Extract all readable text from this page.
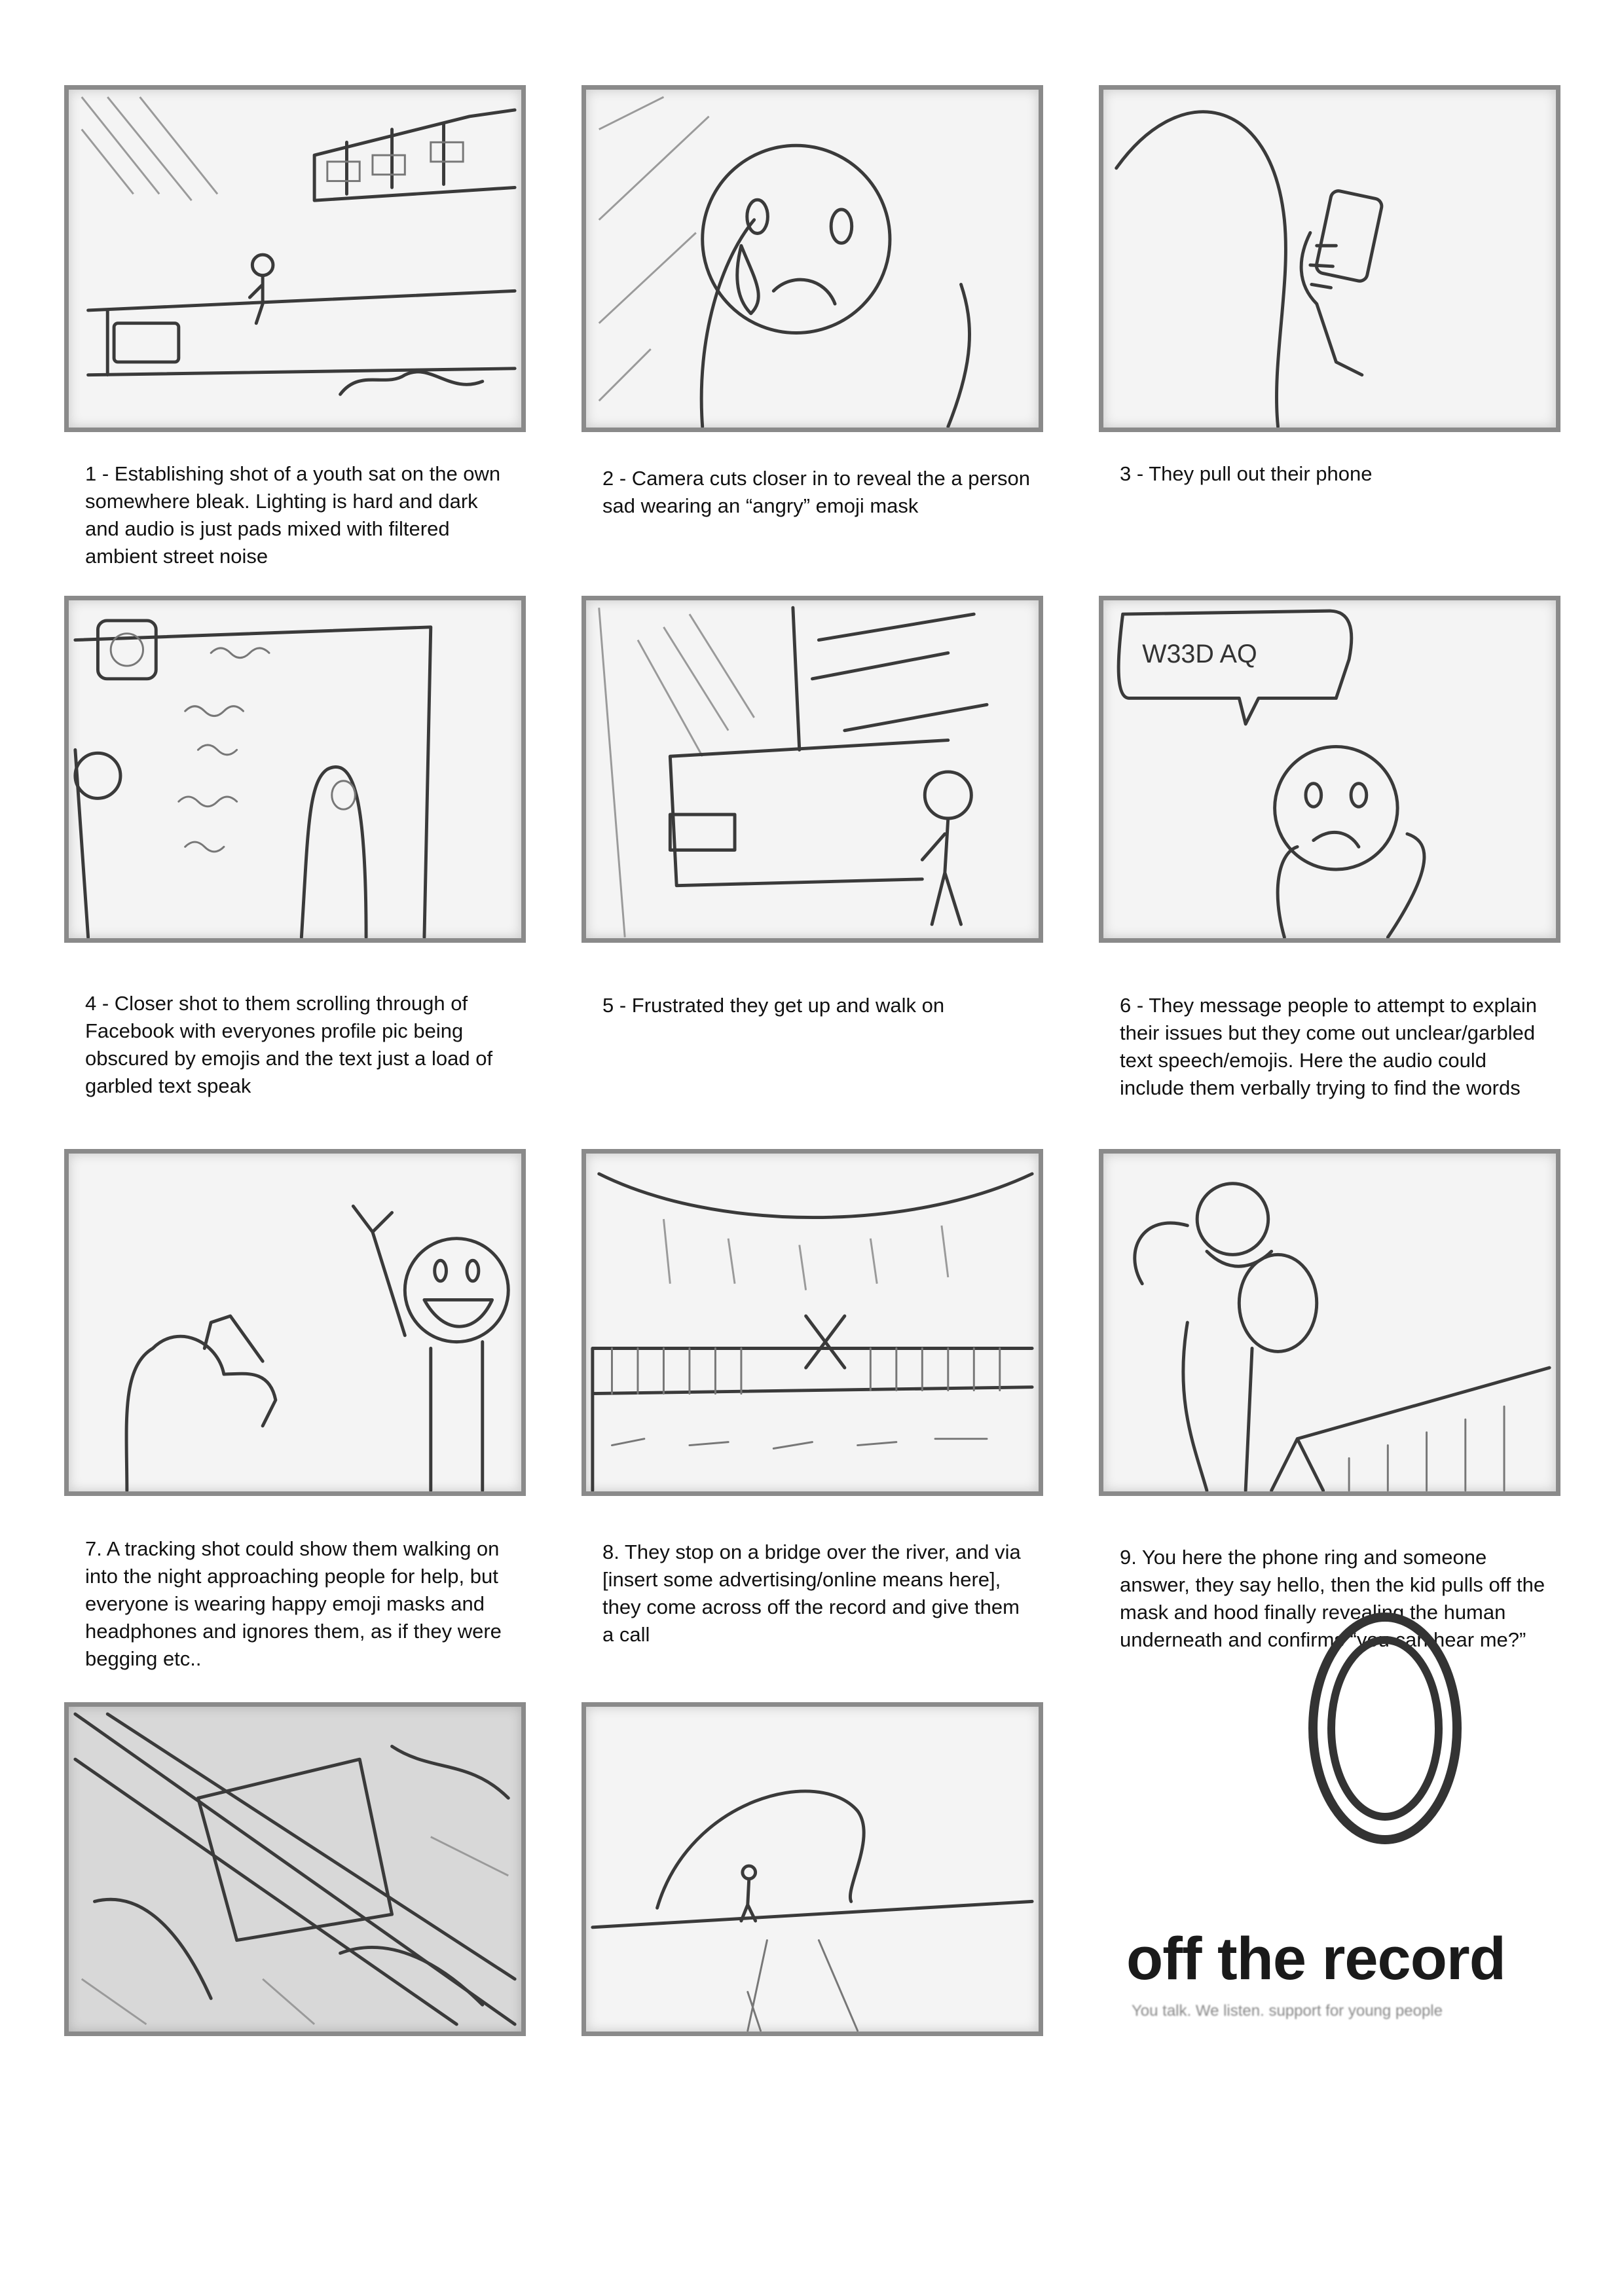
1 - Establishing shot of a youth sat on the own somewhere bleak. Lighting is hard and dark and audio is just pads mixed with filtered ambient street noise

2 - Camera cuts closer in to reveal the a person sad wearing an “angry” emoji mask

3 - They pull out their phone

4 - Closer shot to them scrolling through of Facebook with everyones profile pic being obscured by emojis and the text just a load of garbled text speak

5 - Frustrated they get up and walk on

W33D AQ

6 - They message people to attempt to explain their issues but they come out unclear/garbled text speech/emojis. Here the audio could include them verbally trying to find the words

7. A tracking shot could show them walking on into the night approaching people for help, but everyone is wearing happy emoji masks and headphones and ignores them, as if they were begging etc..

8. They stop on a bridge over the river, and via [insert some advertising/online means here], they come across off the record and give them a call

9. You here the phone ring and someone answer, they say hello, then the kid pulls off the mask and hood finally revealing the human underneath and confirms “you can hear me?”

off the record

You talk. We listen. support for young people
